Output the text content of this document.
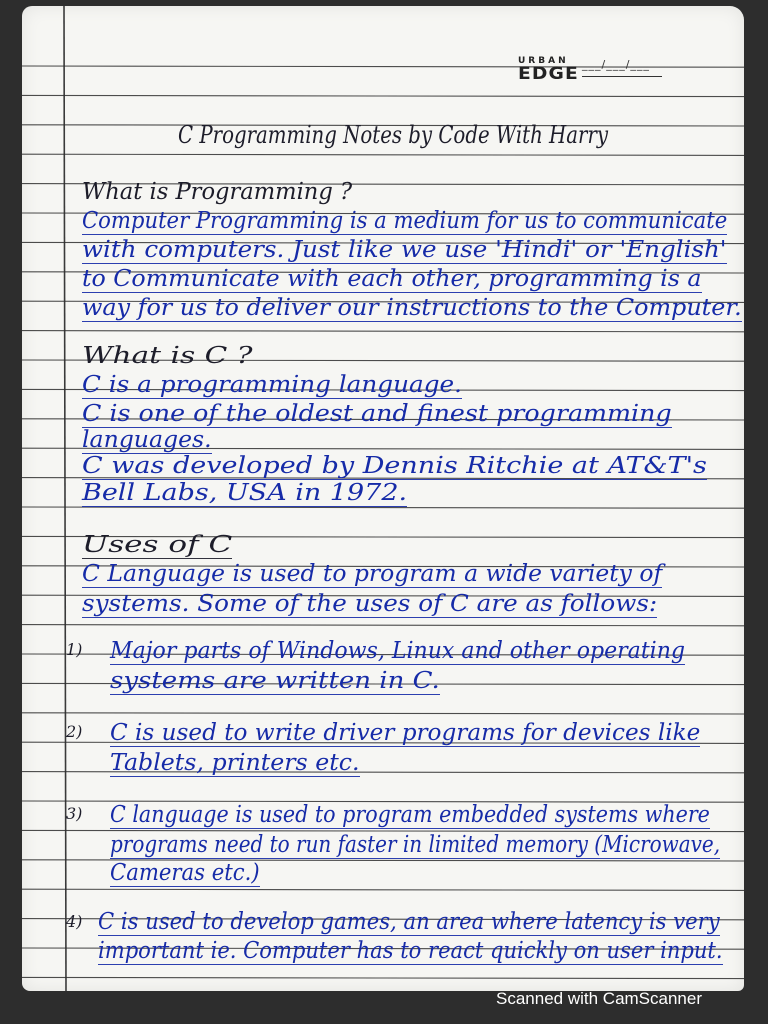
URBAN
EDGE ___/___/___
C Programming Notes by Code With Harry
What is Programming ?
Computer Programming is a medium for us to communicate
with computers. Just like we use 'Hindi' or 'English'
to Communicate with each other, programming is a
way for us to deliver our instructions to the Computer.
What is C ?
C is a programming language.
C is one of the oldest and finest programming
languages.
C was developed by Dennis Ritchie at AT&T's
Bell Labs, USA in 1972.
Uses of C
C Language is used to program a wide variety of
systems. Some of the uses of C are as follows:
1) Major parts of Windows, Linux and other operating
systems are written in C.
2) C is used to write driver programs for devices like
Tablets, printers etc.
3) C language is used to program embedded systems where
programs need to run faster in limited memory (Microwave,
Cameras etc.)
4) C is used to develop games, an area where latency is very
important ie. Computer has to react quickly on user input.
Scanned with CamScanner
